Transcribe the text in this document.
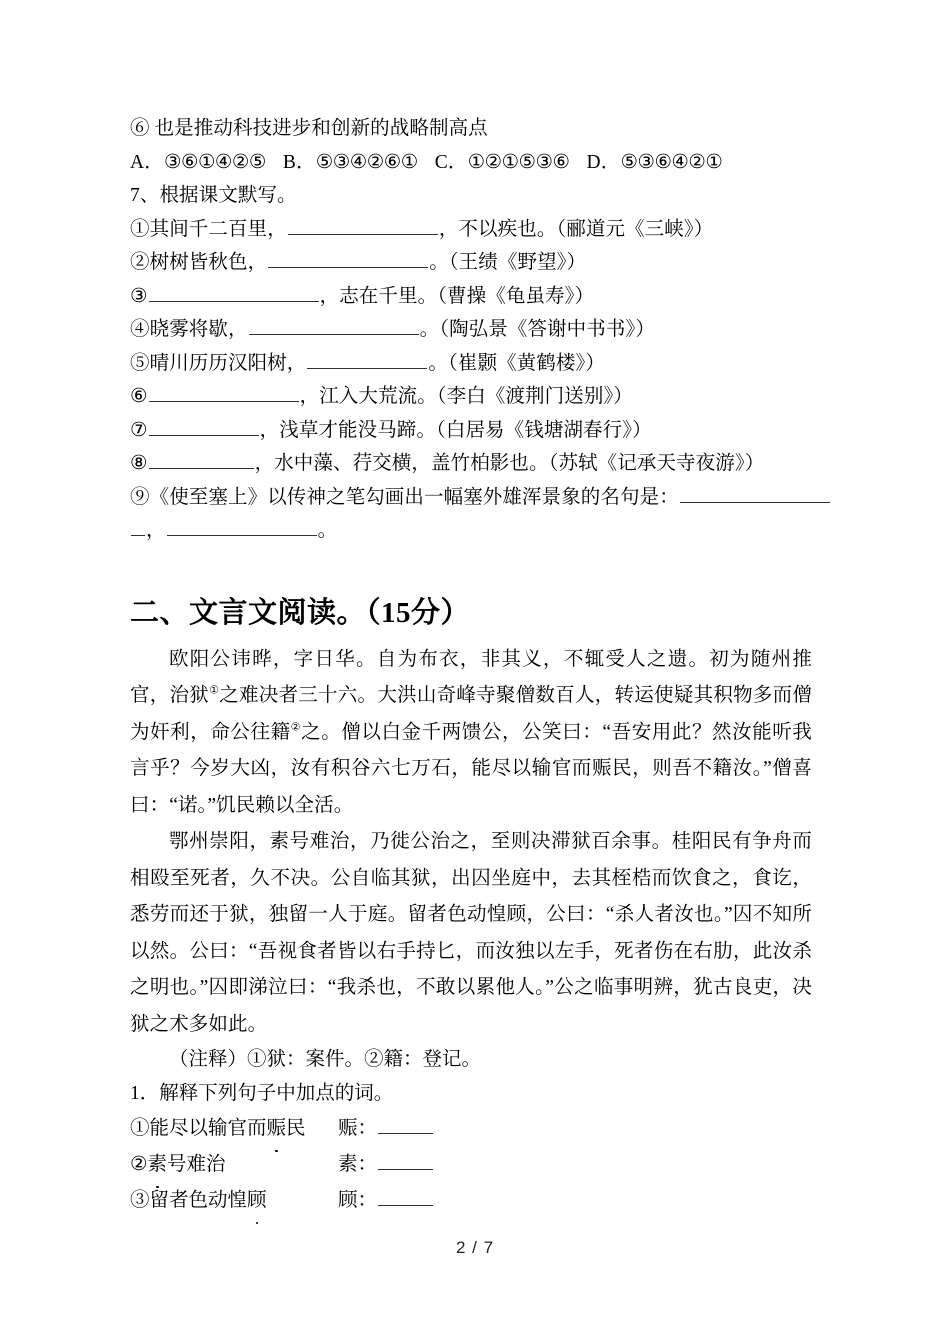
⑥ 也是推动科技进步和创新的战略制高点
A．③⑥①④②⑤ B．⑤③④②⑥① C．①②①⑤③⑥ D．⑤③⑥④②①
7、根据课文默写。
①其间千二百里，	，不以疾也。（郦道元《三峡》）
②树树皆秋色，	。（王绩《野望》）
③	，志在千里。（曹操《龟虽寿》）
④晓雾将歇，	。（陶弘景《答谢中书书》）
⑤晴川历历汉阳树，	。（崔颢《黄鹤楼》）
⑥	，江入大荒流。（李白《渡荆门送别》）
⑦	，浅草才能没马蹄。（白居易《钱塘湖春行》）
⑧	，水中藻、荇交横，盖竹柏影也。（苏轼《记承天寺夜游》）
⑨《使至塞上》以传神之笔勾画出一幅塞外雄浑景象的名句是：
，	。
二、文言文阅读。（15分）

欧阳公讳晔，字日华。自为布衣，非其义，不辄受人之遗。初为随州推官，治狱①之难决者三十六。大洪山奇峰寺聚僧数百人，转运使疑其积物多而僧为奸利，命公往籍②之。僧以白金千两馈公，公笑曰：“吾安用此？然汝能听我言乎？今岁大凶，汝有积谷六七万石，能尽以输官而赈民，则吾不籍汝。”僧喜曰：“诺。”饥民赖以全活。

鄂州崇阳，素号难治，乃徙公治之，至则决滞狱百余事。桂阳民有争舟而相殴至死者，久不决。公自临其狱，出囚坐庭中，去其桎梏而饮食之，食讫，悉劳而还于狱，独留一人于庭。留者色动惶顾，公曰：“杀人者汝也。”囚不知所以然。公曰：“吾视食者皆以右手持匕，而汝独以左手，死者伤在右肋，此汝杀之明也。”囚即涕泣曰：“我杀也，不敢以累他人。”公之临事明辨，犹古良吏，决狱之术多如此。

（注释）①狱：案件。②籍：登记。
1．解释下列句子中加点的词。
①能尽以输官而赈民	赈：
②素号难治	素：
③留者色动惶顾	顾：
2 / 7
